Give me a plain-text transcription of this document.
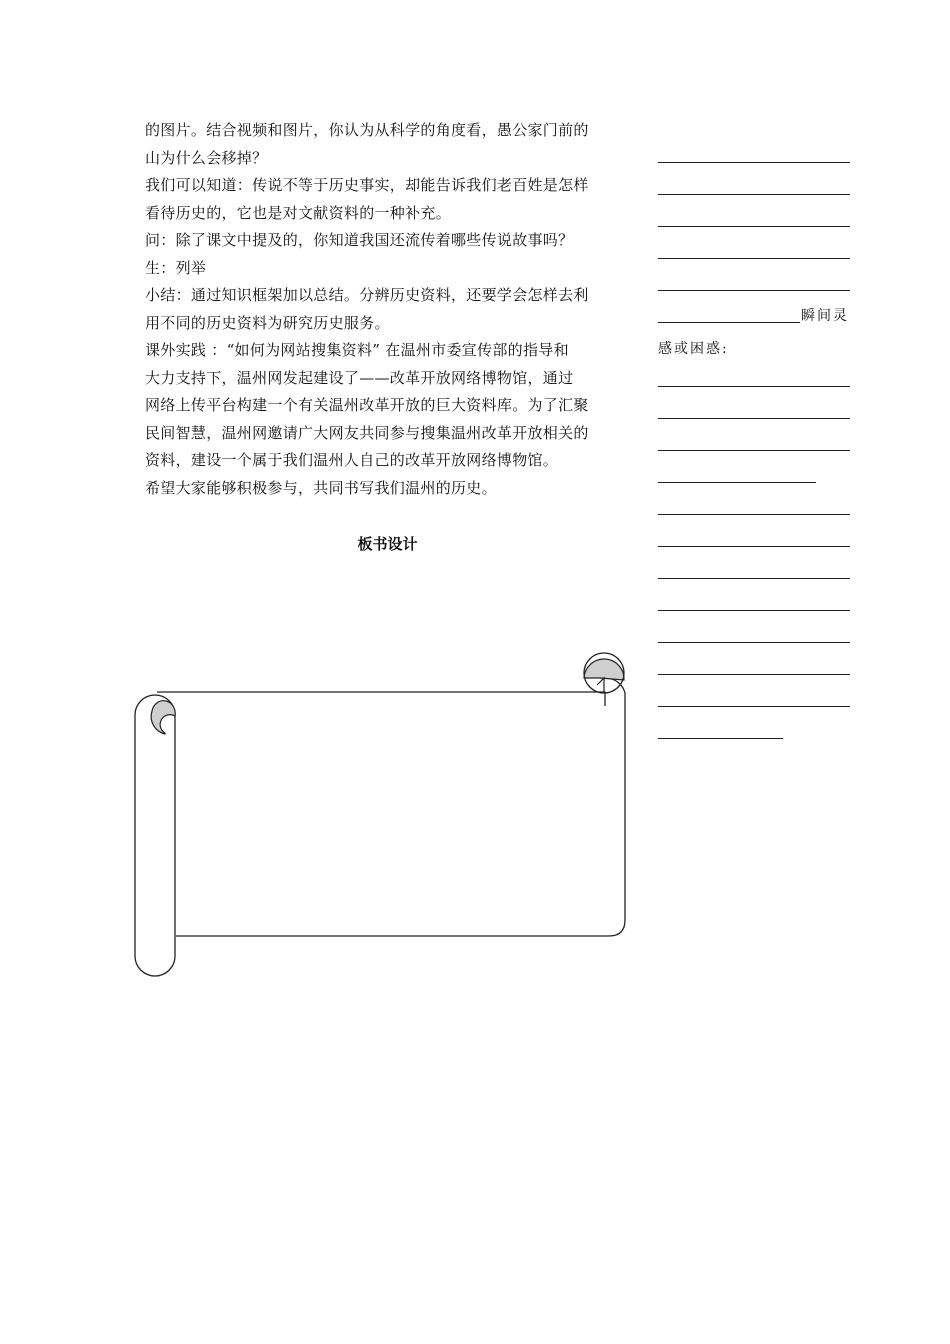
的图片。结合视频和图片，你认为从科学的角度看，愚公家门前的

山为什么会移掉？

我们可以知道：传说不等于历史事实，却能告诉我们老百姓是怎样

看待历史的，它也是对文献资料的一种补充。

问：除了课文中提及的，你知道我国还流传着哪些传说故事吗？

生：列举

小结：通过知识框架加以总结。分辨历史资料，还要学会怎样去利

用不同的历史资料为研究历史服务。

课外实践 ：“如何为网站搜集资料” 在温州市委宣传部的指导和

大力支持下，温州网发起建设了——改革开放网络博物馆，通过

网络上传平台构建一个有关温州改革开放的巨大资料库。为了汇聚

民间智慧，温州网邀请广大网友共同参与搜集温州改革开放相关的

资料，建设一个属于我们温州人自己的改革开放网络博物馆。

希望大家能够积极参与，共同书写我们温州的历史。

板书设计
瞬间灵
感或困惑:
